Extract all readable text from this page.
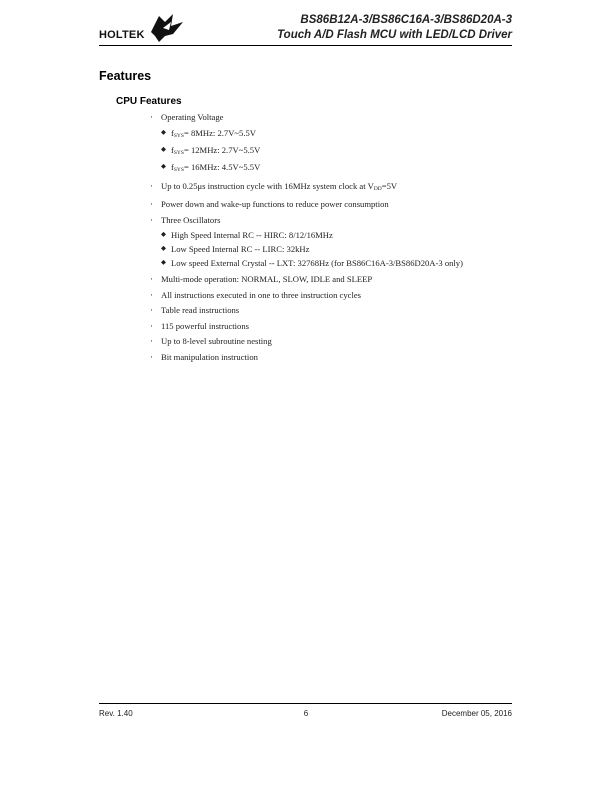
HOLTEK
BS86B12A-3/BS86C16A-3/BS86D20A-3
Touch A/D Flash MCU with LED/LCD Driver
Features
CPU Features
· Operating Voltage
◆ $f_{SYS}= 8MHz$: 2.7V~5.5V
◆ $f_{SYS}= 12MHz$: 2.7V~5.5V
◆ $f_{SYS}= 16MHz$: 4.5V~5.5V
· Up to 0.25μs instruction cycle with 16MHz system clock at $V_{DD}=5V$
· Power down and wake-up functions to reduce power consumption
· Three Oscillators
◆ High Speed Internal RC -- HIRC: 8/12/16MHz
◆ Low Speed Internal RC -- LIRC: 32kHz
◆ Low speed External Crystal -- LXT: 32768Hz (for BS86C16A-3/BS86D20A-3 only)
· Multi-mode operation: NORMAL, SLOW, IDLE and SLEEP
· All instructions executed in one to three instruction cycles
· Table read instructions
· 115 powerful instructions
· Up to 8-level subroutine nesting
· Bit manipulation instruction
Rev. 1.40	6	December 05, 2016
